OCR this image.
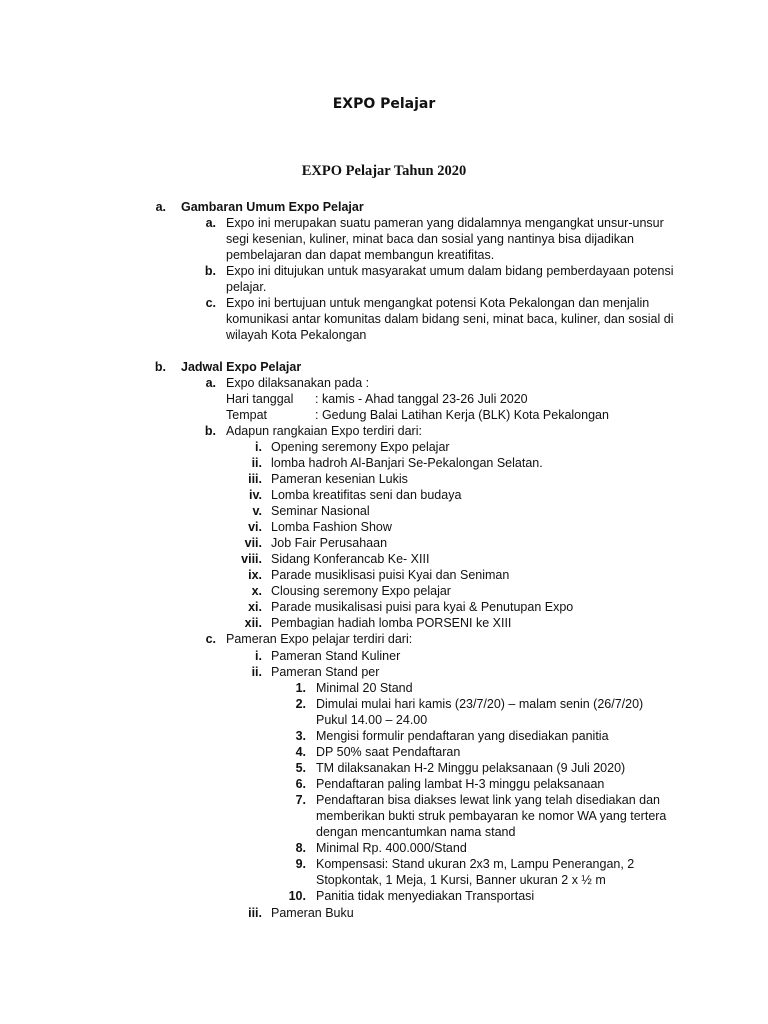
EXPO Pelajar
EXPO Pelajar Tahun 2020
a. Gambaran Umum Expo Pelajar
a. Expo ini merupakan suatu pameran yang didalamnya mengangkat unsur-unsur
segi kesenian, kuliner, minat baca dan sosial yang nantinya bisa dijadikan
pembelajaran dan dapat membangun kreatifitas.
b. Expo ini ditujukan untuk masyarakat umum dalam bidang pemberdayaan potensi
pelajar.
c. Expo ini bertujuan untuk mengangkat potensi Kota Pekalongan dan menjalin
komunikasi antar komunitas dalam bidang seni, minat baca, kuliner, dan sosial di
wilayah Kota Pekalongan
b. Jadwal Expo Pelajar
a. Expo dilaksanakan pada :
Hari tanggal : kamis - Ahad tanggal 23-26 Juli 2020
Tempat	: Gedung Balai Latihan Kerja (BLK) Kota Pekalongan
b. Adapun rangkaian Expo terdiri dari:
i. Opening seremony Expo pelajar
ii. lomba hadroh Al-Banjari Se-Pekalongan Selatan.
iii. Pameran kesenian Lukis
iv. Lomba kreatifitas seni dan budaya
v. Seminar Nasional
vi. Lomba Fashion Show
vii. Job Fair Perusahaan
viii. Sidang Konferancab Ke- XIII
ix. Parade musiklisasi puisi Kyai dan Seniman
x. Clousing seremony Expo pelajar
xi. Parade musikalisasi puisi para kyai & Penutupan Expo
xii. Pembagian hadiah lomba PORSENI ke XIII
c. Pameran Expo pelajar terdiri dari:
i. Pameran Stand Kuliner
ii. Pameran Stand per
1. Minimal 20 Stand
2. Dimulai mulai hari kamis (23/7/20) – malam senin (26/7/20)
Pukul 14.00 – 24.00
3. Mengisi formulir pendaftaran yang disediakan panitia
4. DP 50% saat Pendaftaran
5. TM dilaksanakan H-2 Minggu pelaksanaan (9 Juli 2020)
6. Pendaftaran paling lambat H-3 minggu pelaksanaan
7. Pendaftaran bisa diakses lewat link yang telah disediakan dan
memberikan bukti struk pembayaran ke nomor WA yang tertera
dengan mencantumkan nama stand
8. Minimal Rp. 400.000/Stand
9. Kompensasi: Stand ukuran 2x3 m, Lampu Penerangan, 2
Stopkontak, 1 Meja, 1 Kursi, Banner ukuran 2 x ½ m
10. Panitia tidak menyediakan Transportasi
iii. Pameran Buku
